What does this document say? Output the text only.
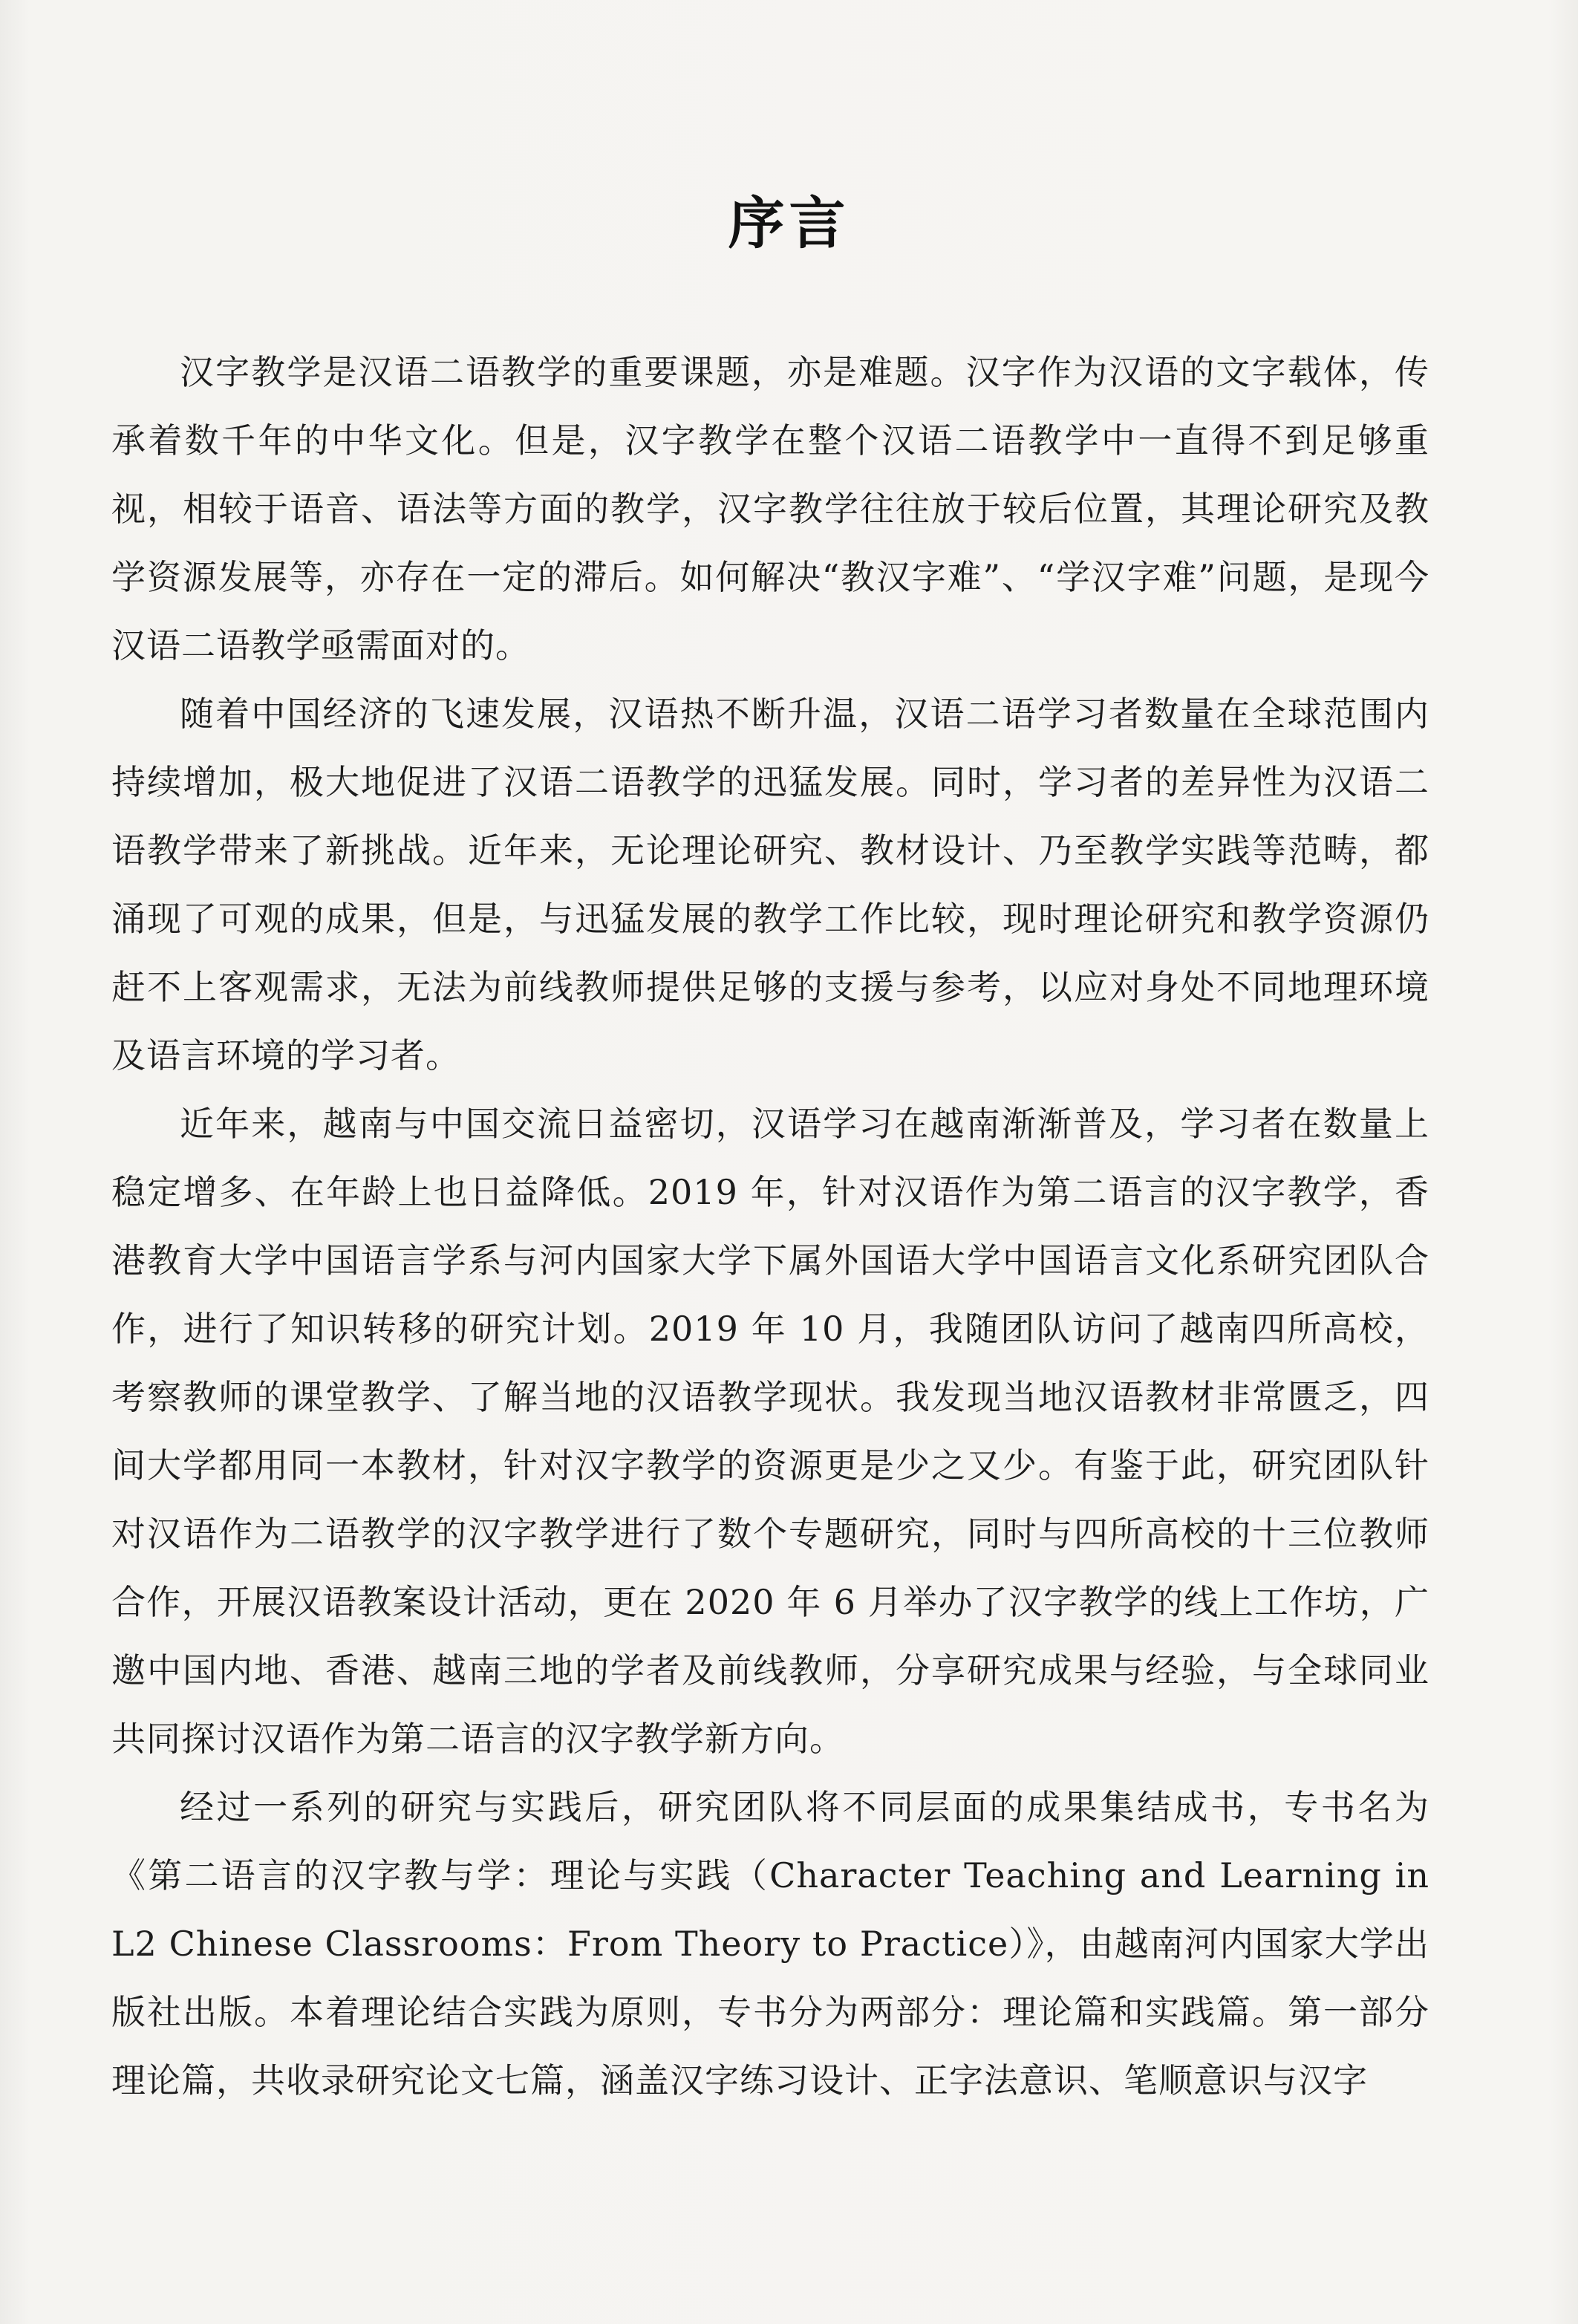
序言

汉字教学是汉语二语教学的重要课题，亦是难题。汉字作为汉语的文字载体，传承着数千年的中华文化。但是，汉字教学在整个汉语二语教学中一直得不到足够重视，相较于语音、语法等方面的教学，汉字教学往往放于较后位置，其理论研究及教学资源发展等，亦存在一定的滞后。如何解决“教汉字难”、“学汉字难”问题，是现今汉语二语教学亟需面对的。

随着中国经济的飞速发展，汉语热不断升温，汉语二语学习者数量在全球范围内持续增加，极大地促进了汉语二语教学的迅猛发展。同时，学习者的差异性为汉语二语教学带来了新挑战。近年来，无论理论研究、教材设计、乃至教学实践等范畴，都涌现了可观的成果，但是，与迅猛发展的教学工作比较，现时理论研究和教学资源仍赶不上客观需求，无法为前线教师提供足够的支援与参考，以应对身处不同地理环境及语言环境的学习者。

近年来，越南与中国交流日益密切，汉语学习在越南渐渐普及，学习者在数量上稳定增多、在年龄上也日益降低。2019 年，针对汉语作为第二语言的汉字教学，香港教育大学中国语言学系与河内国家大学下属外国语大学中国语言文化系研究团队合作，进行了知识转移的研究计划。2019 年 10 月，我随团队访问了越南四所高校，考察教师的课堂教学、了解当地的汉语教学现状。我发现当地汉语教材非常匮乏，四间大学都用同一本教材，针对汉字教学的资源更是少之又少。有鉴于此，研究团队针对汉语作为二语教学的汉字教学进行了数个专题研究，同时与四所高校的十三位教师合作，开展汉语教案设计活动，更在 2020 年 6 月举办了汉字教学的线上工作坊，广邀中国内地、香港、越南三地的学者及前线教师，分享研究成果与经验，与全球同业共同探讨汉语作为第二语言的汉字教学新方向。

经过一系列的研究与实践后，研究团队将不同层面的成果集结成书，专书名为《第二语言的汉字教与学：理论与实践（Character Teaching and Learning in L2 Chinese Classrooms：From Theory to Practice）》，由越南河内国家大学出版社出版。本着理论结合实践为原则，专书分为两部分：理论篇和实践篇。第一部分理论篇，共收录研究论文七篇，涵盖汉字练习设计、正字法意识、笔顺意识与汉字
